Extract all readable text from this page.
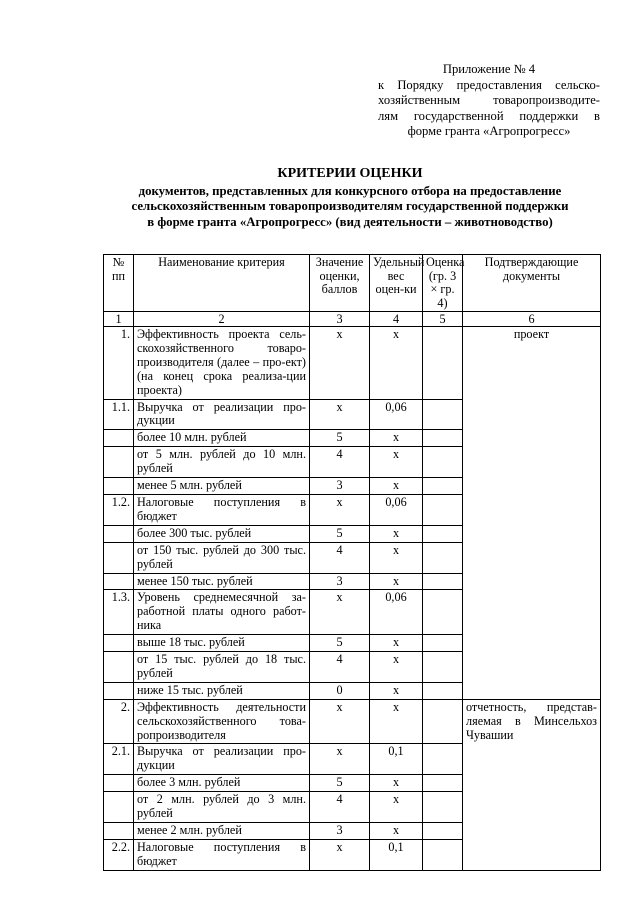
Приложение № 4
к Порядку предоставления сельско-
хозяйственным товаропроизводите-
лям государственной поддержки в
форме гранта «Агропрогресс»
КРИТЕРИИ ОЦЕНКИ
документов, представленных для конкурсного отбора на предоставление
сельскохозяйственным товаропроизводителям государственной поддержки
в форме гранта «Агропрогресс» (вид деятельности – животноводство)
№ пп	Наименование критерия	Значение оценки, баллов	Удельный вес оцен-ки	Оценка (гр. 3 × гр. 4)	Подтверждающие документы
1	2	3	4	5	6
1.	Эффективность проекта сель-скохозяйственного товаро-производителя (далее – про-ект) (на конец срока реализа-ции проекта)	х	х		проект
1.1.	Выручка от реализации про-дукции	х	0,06		
	более 10 млн. рублей	5	х		
	от 5 млн. рублей до 10 млн. рублей	4	х		
	менее 5 млн. рублей	3	х		
1.2.	Налоговые поступления в бюджет	х	0,06		
	более 300 тыс. рублей	5	х		
	от 150 тыс. рублей до 300 тыс. рублей	4	х		
	менее 150 тыс. рублей	3	х		
1.3.	Уровень среднемесячной за-работной платы одного работ-ника	х	0,06		
	выше 18 тыс. рублей	5	х		
	от 15 тыс. рублей до 18 тыс. рублей	4	х		
	ниже 15 тыс. рублей	0	х		
2.	Эффективность деятельности сельскохозяйственного това-ропроизводителя	х	х		отчетность, представ-ляемая в Минсельхоз Чувашии
2.1.	Выручка от реализации про-дукции	х	0,1		
	более 3 млн. рублей	5	х		
	от 2 млн. рублей до 3 млн. рублей	4	х		
	менее 2 млн. рублей	3	х		
2.2.	Налоговые поступления в бюджет	х	0,1		
